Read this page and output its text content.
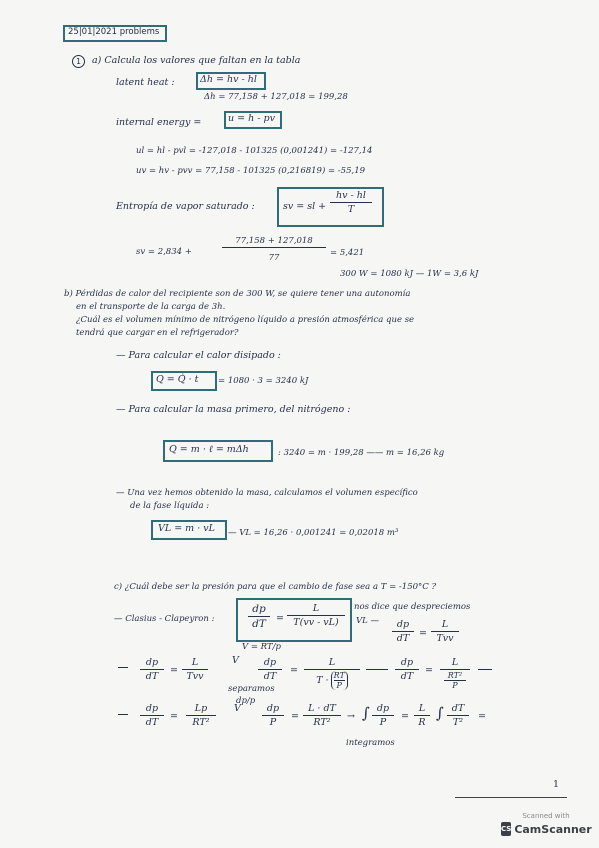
25|01|2021 problems
1	a) Calcula los valores que faltan en la tabla
latent heat :	Δh = hv - hl
Δh = 77,158 + 127,018 = 199,28
internal energy =	u = h - pv
ul = hl - pvl = -127,018 - 101325 (0,001241) = -127,14
uv = hv - pvv = 77,158 - 101325 (0,216819) = -55,19
Entropía de vapor saturado :	sv = sl +
hv - hl
T
sv = 2,834 +
77,158 + 127,018
77	= 5,421
300 W = 1080 kJ — 1W = 3,6 kJ
b) Pérdidas de calor del recipiente son de 300 W, se quiere tener una autonomía
en el transporte de la carga de 3h.
¿Cuál es el volumen mínimo de nitrógeno líquido a presión atmosférica que se
tendrá que cargar en el refrigerador?
— Para calcular el calor disipado :
Q = Q̇ · t = 1080 · 3 = 3240 kJ
— Para calcular la masa primero, del nitrógeno :
Q = m · ℓ = mΔh	: 3240 = m · 199,28 —— m = 16,26 kg
— Una vez hemos obtenido la masa, calculamos el volumen específico
de la fase líquida :
VL = m · vL — VL = 16,26 · 0,001241 = 0,02018 m³
c) ¿Cuál debe ser la presión para que el cambio de fase sea a T = -150°C ?
— Clasius - Clapeyron :
dp
dT	=
L
T(vv - vL)
nos dice que despreciemos
VL —	dp
dT	=
L
Tvv
V = RT/p
dp
dT
=
L
Tvv
V	dp
dT
=
L
T · RT
P
dp
dT
=
L
RT²
P
separamos
dp/p
dp
dT
=
Lp
RT²
V	dp
P
=
L · dT
RT²
→ ∫ dp
P
=
L
R
∫ dT
T²
=
integramos
1
Scanned with
CS CamScanner
